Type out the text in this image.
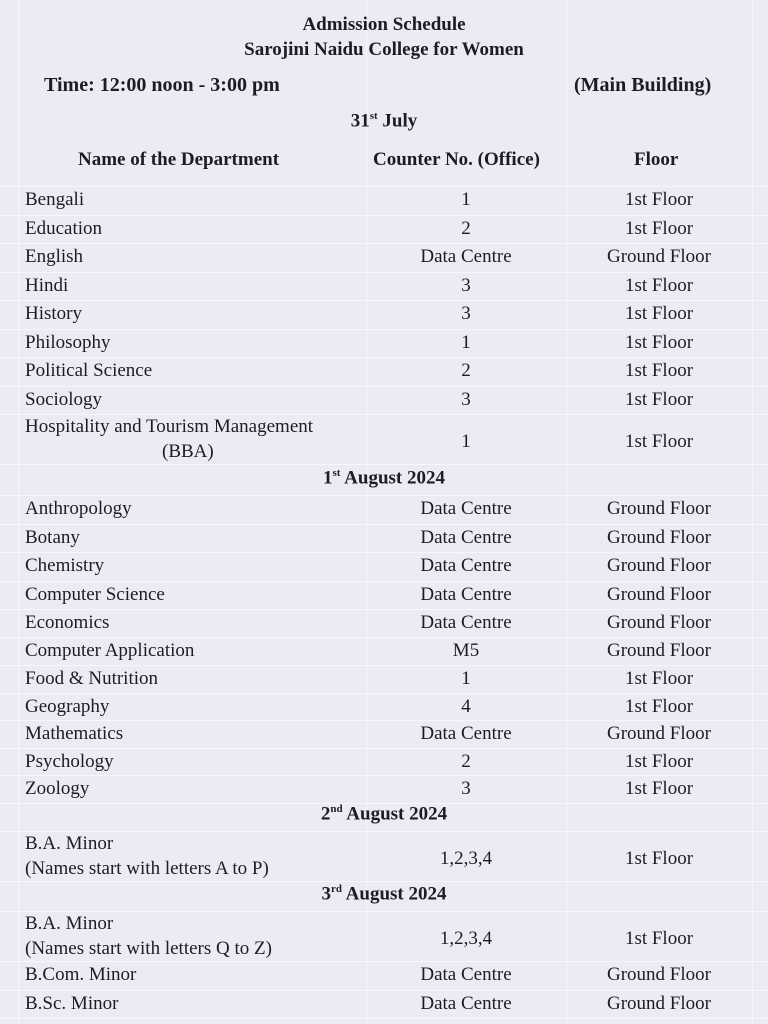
Admission Schedule
Sarojini Naidu College for Women
Time: 12:00 noon - 3:00 pm	(Main Building)
Name of the Department	Counter No. (Office)	Floor
31st July
Bengali	1	1st Floor
Education	2	1st Floor
English	Data Centre	Ground Floor
Hindi	3	1st Floor
History	3	1st Floor
Philosophy	1	1st Floor
Political Science	2	1st Floor
Sociology	3	1st Floor
Hospitality and Tourism Management
(BBA)	1	1st Floor
1st August 2024
Anthropology	Data Centre	Ground Floor
Botany	Data Centre	Ground Floor
Chemistry	Data Centre	Ground Floor
Computer Science	Data Centre	Ground Floor
Economics	Data Centre	Ground Floor
Computer Application	M5	Ground Floor
Food & Nutrition	1	1st Floor
Geography	4	1st Floor
Mathematics	Data Centre	Ground Floor
Psychology	2	1st Floor
Zoology	3	1st Floor
2nd August 2024
B.A. Minor
(Names start with letters A to P)	1,2,3,4	1st Floor
3rd August 2024
B.A. Minor
(Names start with letters Q to Z)	1,2,3,4	1st Floor
B.Com. Minor	Data Centre	Ground Floor
B.Sc. Minor	Data Centre	Ground Floor
